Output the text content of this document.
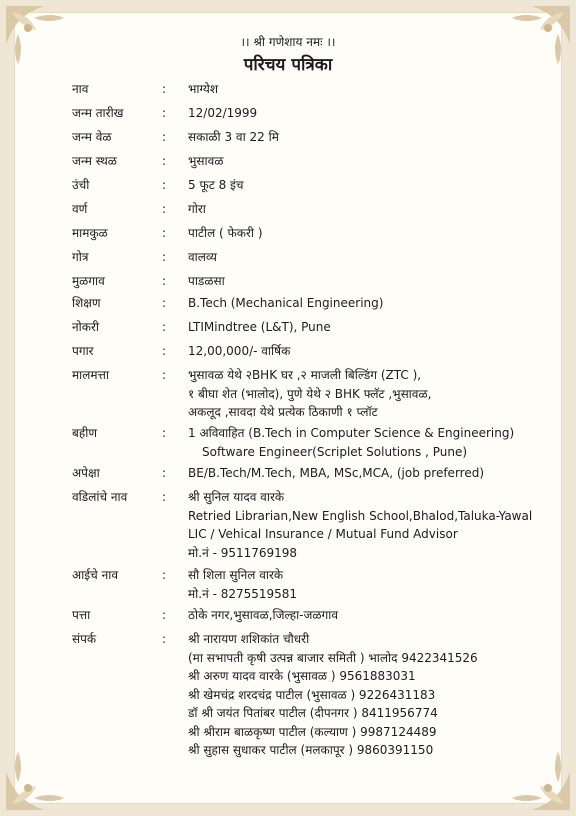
।। श्री गणेशाय नमः ।।
परिचय पत्रिका
नाव	:	भाग्येश
जन्म तारीख	:	12/02/1999
जन्म वेळ	:	सकाळी 3 वा 22 मि
जन्म स्थळ	:	भुसावळ
उंची	:	5 फूट 8 इंच
वर्ण	:	गोरा
मामकुळ	:	पाटील ( फेकरी )
गोत्र	:	वालव्य
मुळगाव	:	पाडळसा
शिक्षण	:	B.Tech (Mechanical Engineering)
नोकरी	:	LTIMindtree (L&T), Pune
पगार	:	12,00,000/- वार्षिक
मालमत्ता	:	भुसावळ येथे २BHK घर ,२ माजली बिल्डिंग (ZTC ),
१ बीघा शेत (भालोद), पुणे येथे २ BHK फ्लॅट ,भुसावळ,
अकलूद ,सावदा येथे प्रत्येक ठिकाणी १ प्लॉट
बहीण	:	1 अविवाहित (B.Tech in Computer Science & Engineering)
Software Engineer(Scriplet Solutions , Pune)
अपेक्षा	:	BE/B.Tech/M.Tech, MBA, MSc,MCA, (job preferred)
वडिलांचे नाव	:	श्री सुनिल यादव वारके
Retried Librarian,New English School,Bhalod,Taluka-Yawal
LIC / Vehical Insurance / Mutual Fund Advisor
मो.नं - 9511769198
आईचे नाव	:	सौ शिला सुनिल वारके
मो.नं - 8275519581
पत्ता	:	ठोके नगर,भुसावळ,जिल्हा-जळगाव
संपर्क	:	श्री नारायण शशिकांत चौधरी
(मा सभापती कृषी उत्पन्न बाजार समिती ) भालोद 9422341526
श्री अरुण यादव वारके (भुसावळ ) 9561883031
श्री खेमचंद्र शरदचंद्र पाटील (भुसावळ ) 9226431183
डॉ श्री जयंत पितांबर पाटील (दीपनगर ) 8411956774
श्री श्रीराम बाळकृष्ण पाटील (कल्याण ) 9987124489
श्री सुहास सुधाकर पाटील (मलकापूर ) 9860391150
